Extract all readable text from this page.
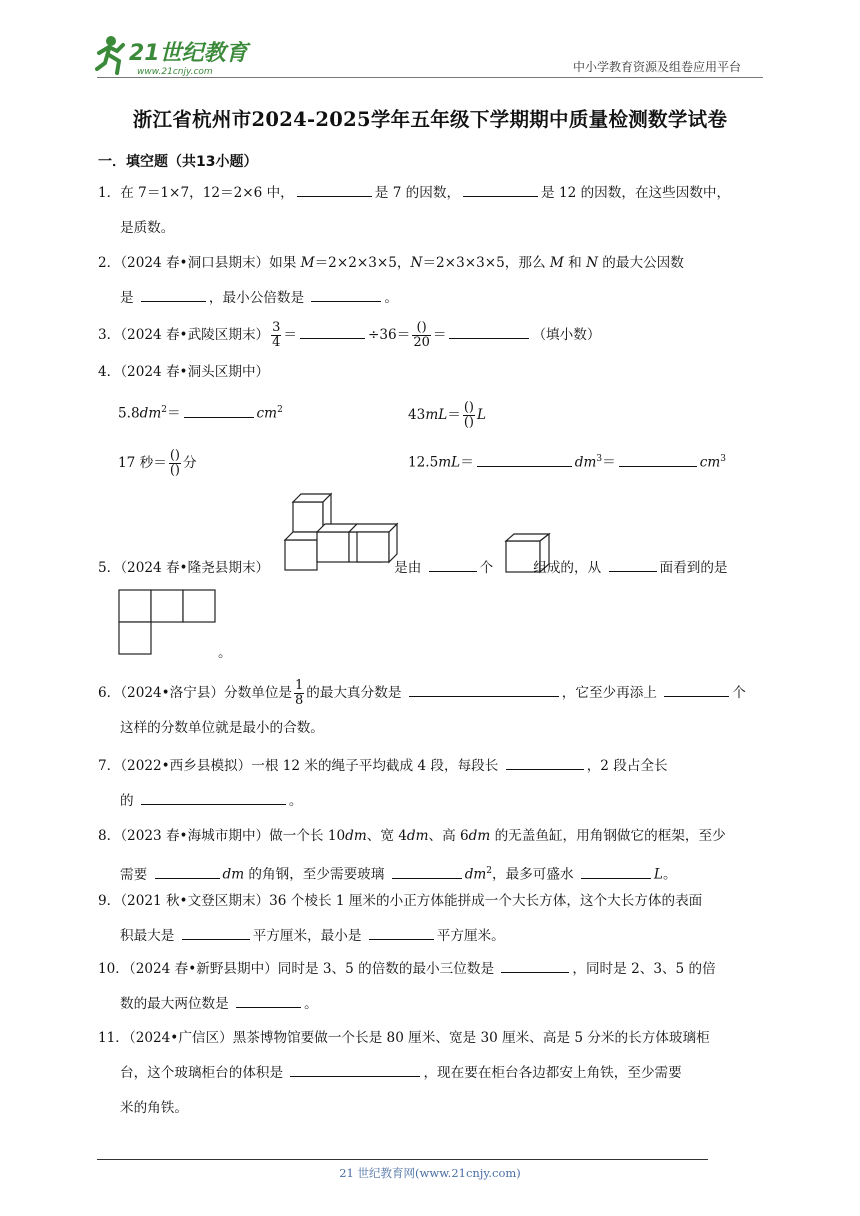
21世纪教育
www.21cnjy.com	中小学教育资源及组卷应用平台
浙江省杭州市2024-2025学年五年级下学期期中质量检测数学试卷
一．填空题（共13小题）
1．在 7＝1×7，12＝2×6 中，	是 7 的因数，	是 12 的因数，在这些因数中，
是质数。
2．（2024 春•洞口县期末）如果 M＝2×2×3×5，N＝2×3×3×5，那么 M 和 N 的最大公因数
是	，最小公倍数是	。
3．（2024 春•武陵区期末） $\frac{3}{4}$ ＝	$\div 36= \frac{()}{20}$ ＝	（填小数）
4．（2024 春•洞头区期中）
$5.8dm^2=$	$cm^2$	$43mL= \frac{()}{()}$ L
17 秒＝ $\frac{()}{()}$ 分	12.5mL＝	$dm^3=$	$cm^3$
5．（2024 春•隆尧县期末）	是由	个	组成的，从	面看到的是
。
6．（2024•洛宁县）分数单位是 $\frac{1}{8}$ 的最大真分数是	，它至少再添上	个
这样的分数单位就是最小的合数。
7．（2022•西乡县模拟）一根 12 米的绳子平均截成 4 段，每段长	，2 段占全长
的	。
8．（2023 春•海城市期中）做一个长 10dm、宽 4dm、高 6dm 的无盖鱼缸，用角钢做它的框架，至少
需要	dm 的角钢，至少需要玻璃	$dm^2$，最多可盛水	L。
9．（2021 秋•文登区期末）36 个棱长 1 厘米的小正方体能拼成一个大长方体，这个大长方体的表面
积最大是	平方厘米，最小是	平方厘米。
10．（2024 春•新野县期中）同时是 3、5 的倍数的最小三位数是	，同时是 2、3、5 的倍
数的最大两位数是	。
11．（2024•广信区）黑茶博物馆要做一个长是 80 厘米、宽是 30 厘米、高是 5 分米的长方体玻璃柜
台，这个玻璃柜台的体积是	，现在要在柜台各边都安上角铁，至少需要
米的角铁。
21 世纪教育网(www.21cnjy.com)
